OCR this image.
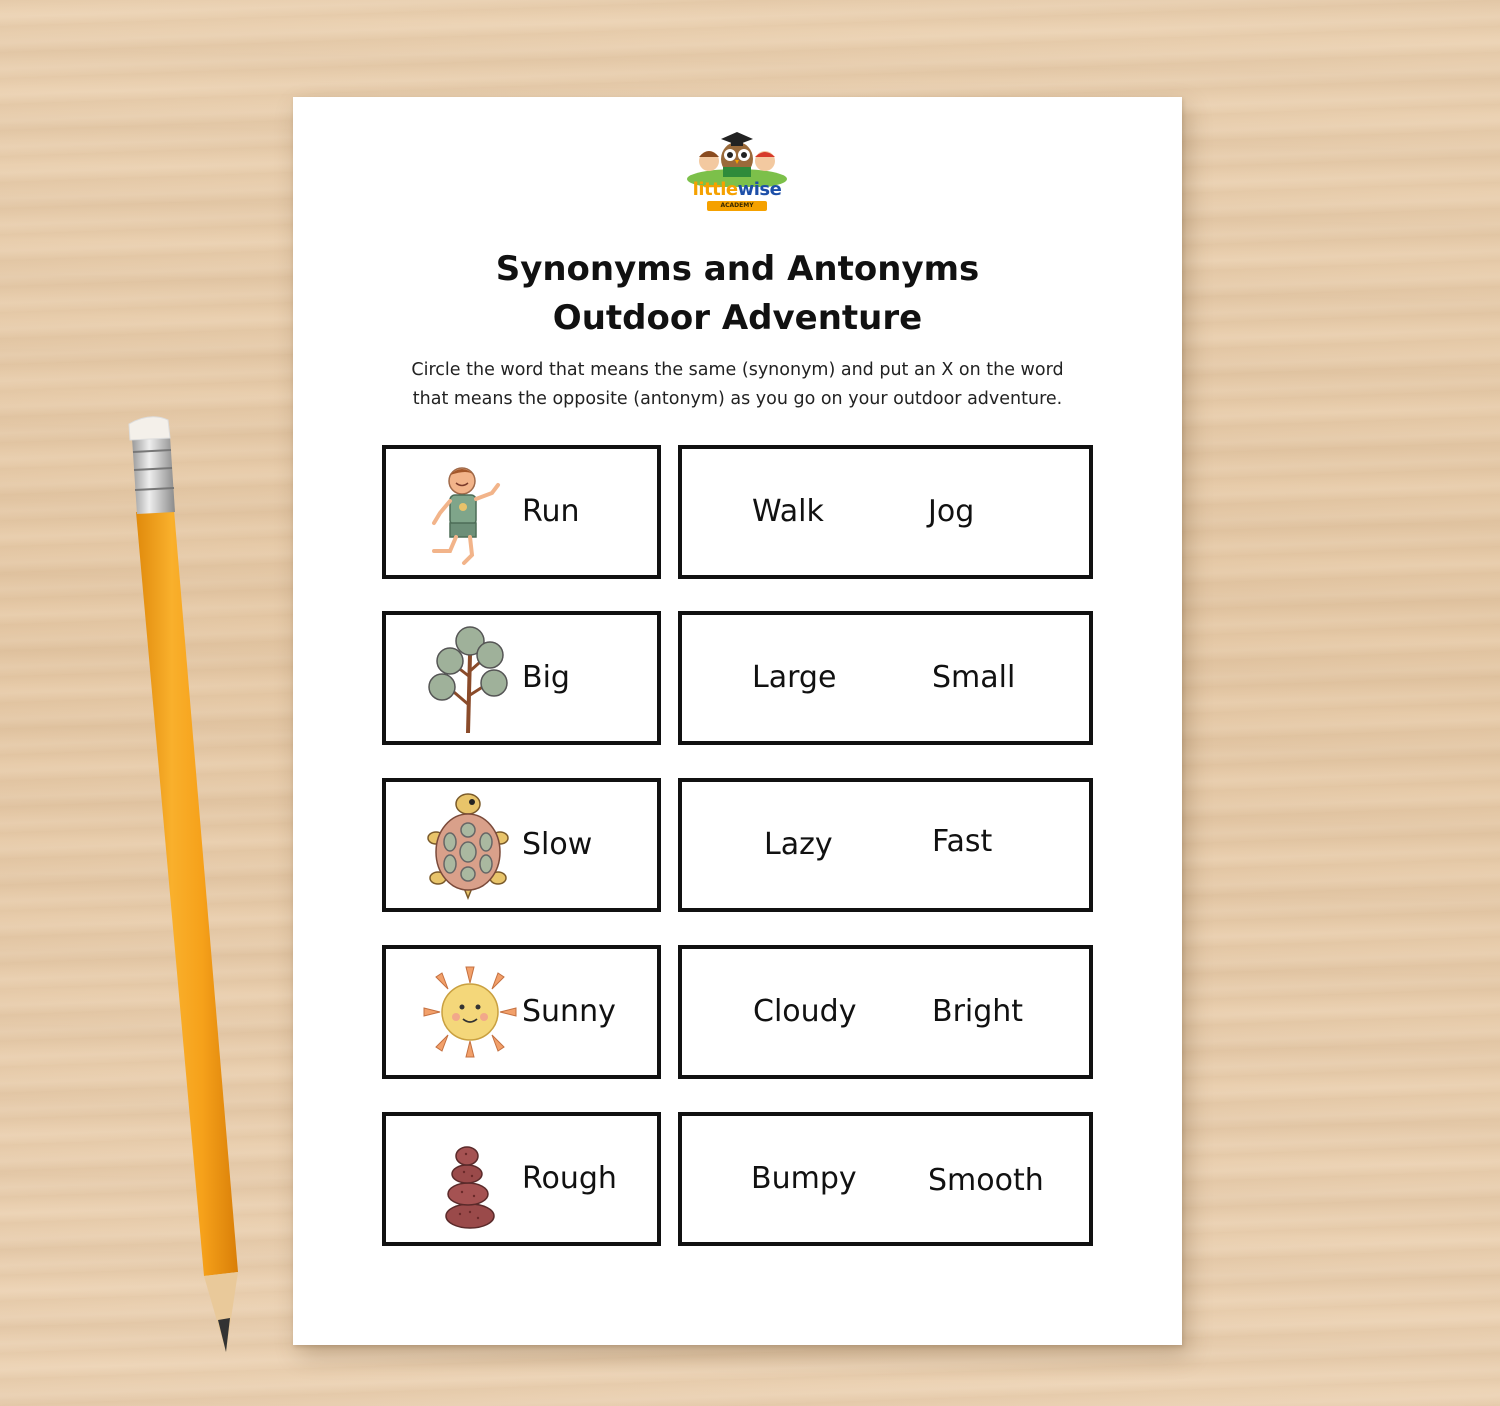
littlewise
ACADEMY
Synonyms and Antonyms
Outdoor Adventure
Circle the word that means the same (synonym) and put an X on the word
that means the opposite (antonym) as you go on your outdoor adventure.
Run	Walk	Jog
Big	Large	Small
Slow	Lazy	Fast
Sunny	Cloudy	Bright
Rough	Bumpy Smooth
